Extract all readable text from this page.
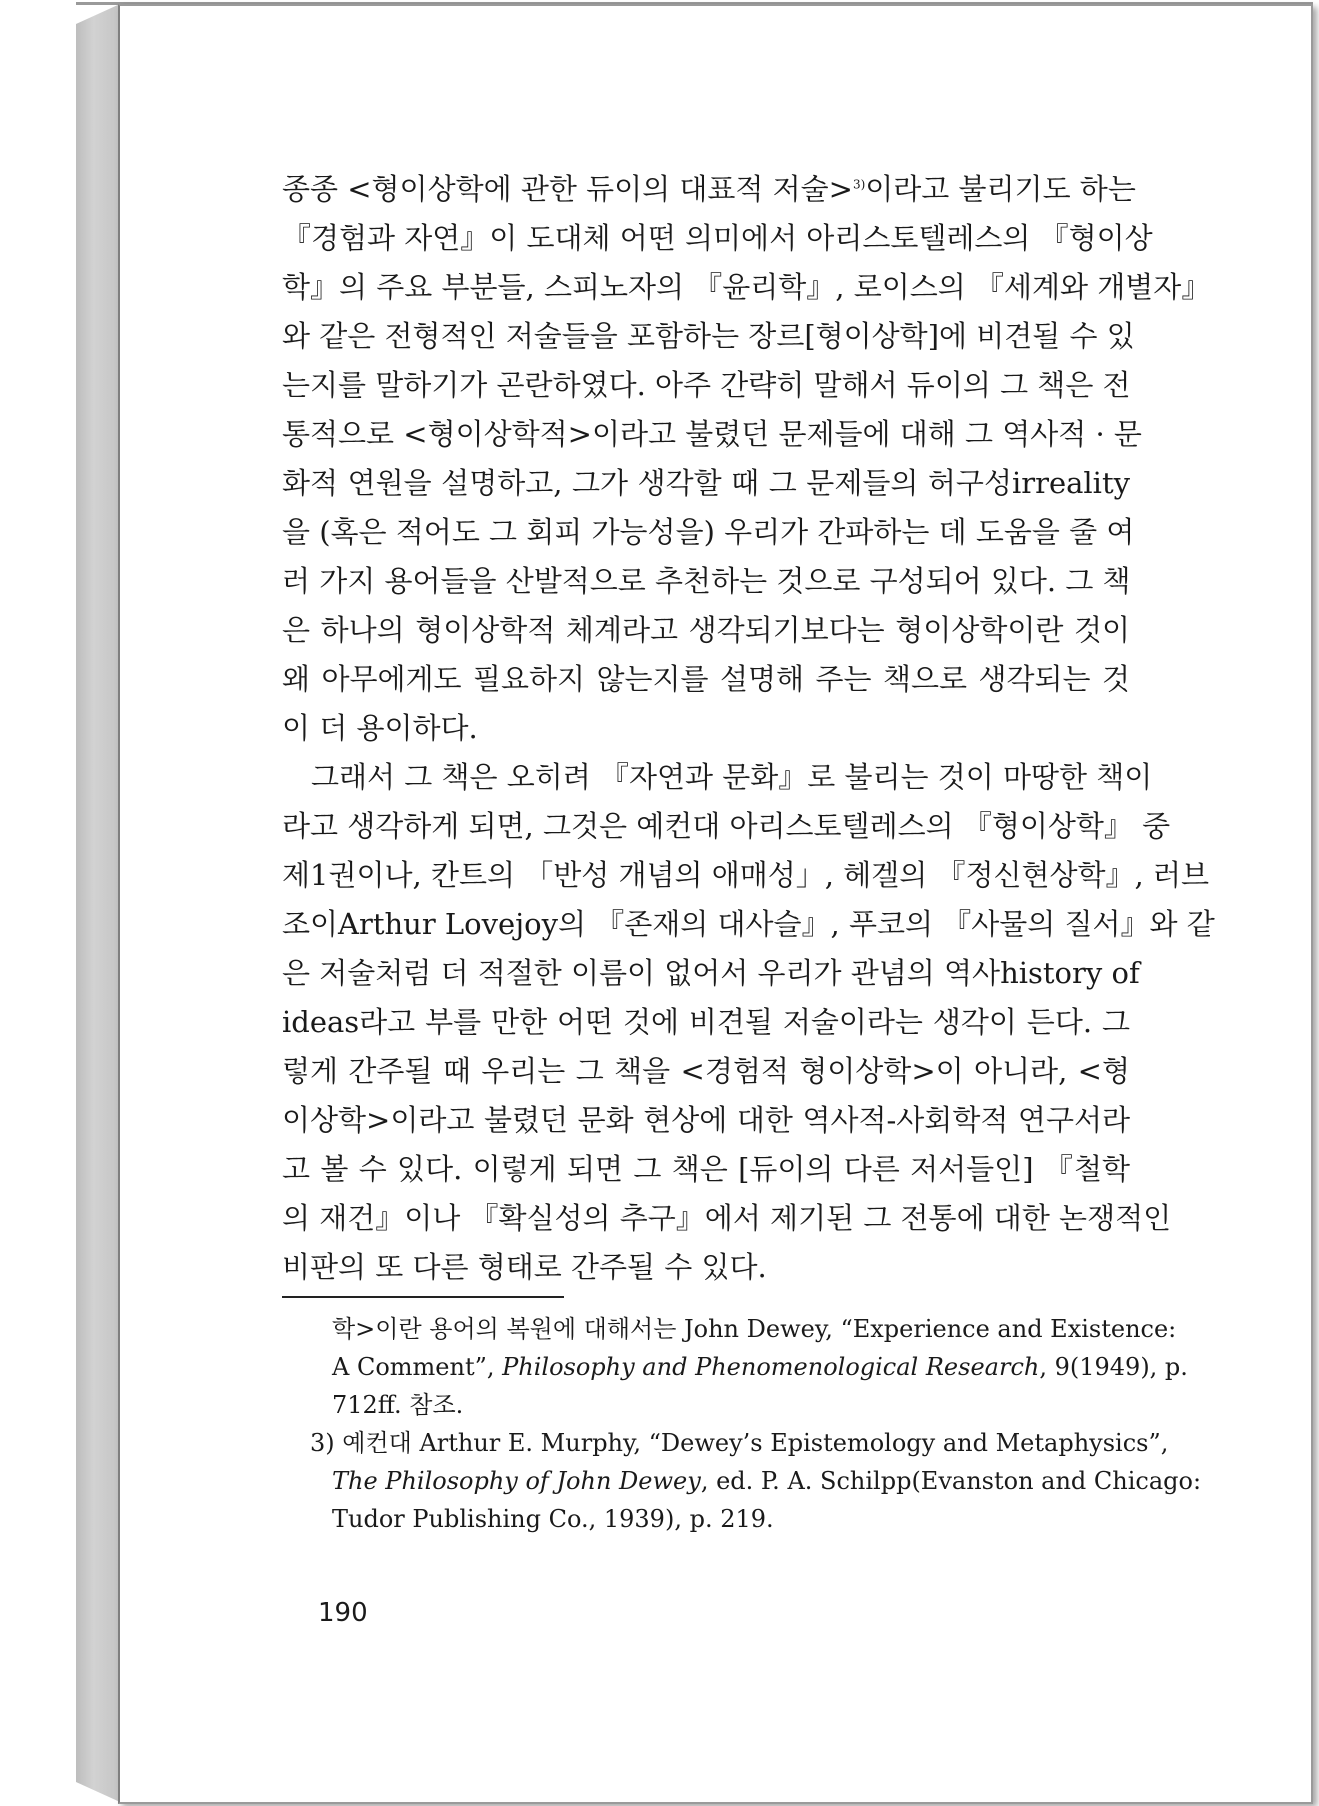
종종 <형이상학에 관한 듀이의 대표적 저술>$^{3)}$이라고 불리기도 하는
『경험과 자연』이 도대체 어떤 의미에서 아리스토텔레스의 『형이상
학』의 주요 부분들, 스피노자의 『윤리학』, 로이스의 『세계와 개별자』
와 같은 전형적인 저술들을 포함하는 장르[형이상학]에 비견될 수 있
는지를 말하기가 곤란하였다. 아주 간략히 말해서 듀이의 그 책은 전
통적으로 <형이상학적>이라고 불렸던 문제들에 대해 그 역사적 · 문
화적 연원을 설명하고, 그가 생각할 때 그 문제들의 허구성irreality
을 (혹은 적어도 그 회피 가능성을) 우리가 간파하는 데 도움을 줄 여
러 가지 용어들을 산발적으로 추천하는 것으로 구성되어 있다. 그 책
은 하나의 형이상학적 체계라고 생각되기보다는 형이상학이란 것이
왜 아무에게도 필요하지 않는지를 설명해 주는 책으로 생각되는 것
이 더 용이하다.
그래서 그 책은 오히려 『자연과 문화』로 불리는 것이 마땅한 책이
라고 생각하게 되면, 그것은 예컨대 아리스토텔레스의 『형이상학』 중
제1권이나, 칸트의 「반성 개념의 애매성」, 헤겔의 『정신현상학』, 러브
조이Arthur Lovejoy의 『존재의 대사슬』, 푸코의 『사물의 질서』와 같
은 저술처럼 더 적절한 이름이 없어서 우리가 관념의 역사history of
ideas라고 부를 만한 어떤 것에 비견될 저술이라는 생각이 든다. 그
렇게 간주될 때 우리는 그 책을 <경험적 형이상학>이 아니라, <형
이상학>이라고 불렸던 문화 현상에 대한 역사적-사회학적 연구서라
고 볼 수 있다. 이렇게 되면 그 책은 [듀이의 다른 저서들인] 『철학
의 재건』이나 『확실성의 추구』에서 제기된 그 전통에 대한 논쟁적인
비판의 또 다른 형태로 간주될 수 있다.
학>이란 용어의 복원에 대해서는 John Dewey, “Experience and Existence:
A Comment”, Philosophy and Phenomenological Research, 9(1949), p.
712ff. 참조.
3) 예컨대 Arthur E. Murphy, “Dewey’s Epistemology and Metaphysics”,
The Philosophy of John Dewey, ed. P. A. Schilpp(Evanston and Chicago:
Tudor Publishing Co., 1939), p. 219.
190
